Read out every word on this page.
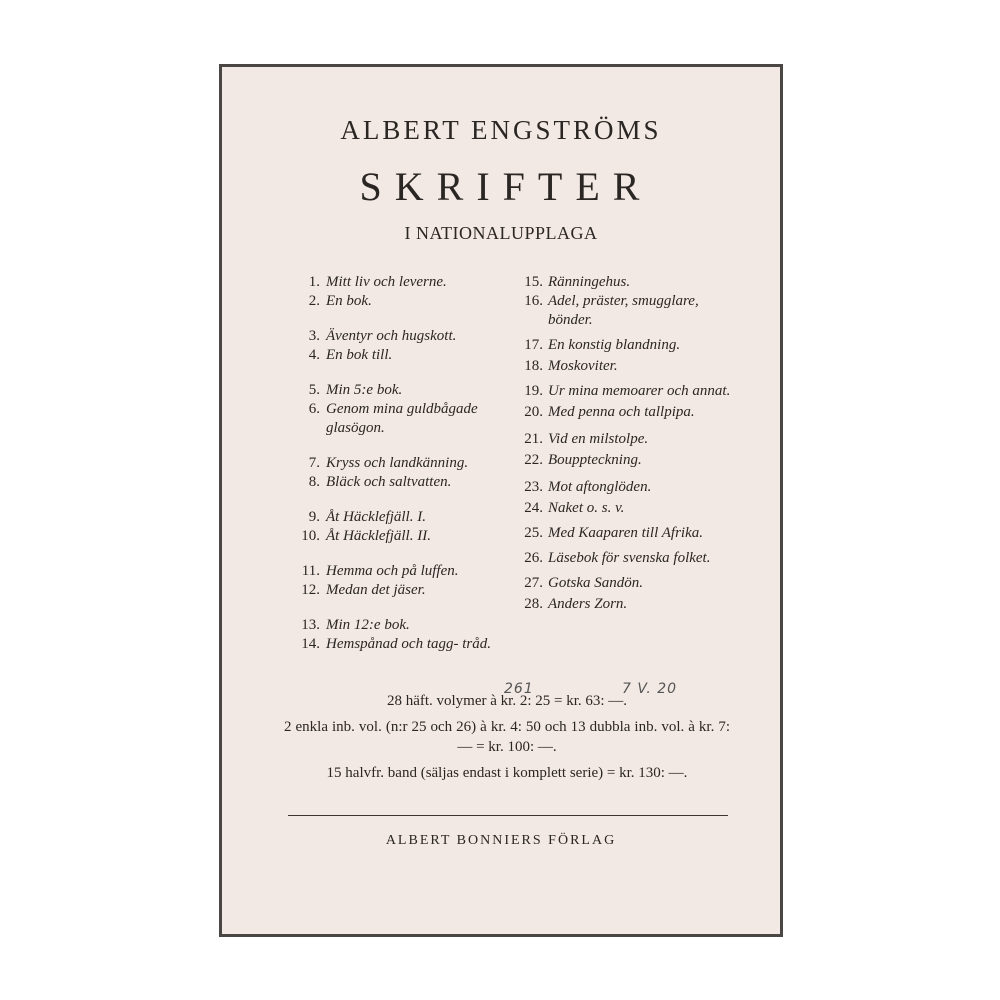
ALBERT ENGSTRÖMS
SKRIFTER
I NATIONALUPPLAGA
1. Mitt liv och leverne.
2. En bok.
3. Äventyr och hugskott.
4. En bok till.
5. Min 5:e bok.
6. Genom mina guldbågade glasögon.
7. Kryss och landkänning.
8. Bläck och saltvatten.
9. Åt Häcklefjäll. I.
10. Åt Häcklefjäll. II.
11. Hemma och på luffen.
12. Medan det jäser.
13. Min 12:e bok.
14. Hemspånad och tagg- tråd.
15. Ränningehus.
16. Adel, präster, smugglare, bönder.
17. En konstig blandning.
18. Moskoviter.
19. Ur mina memoarer och annat.
20. Med penna och tallpipa.
21. Vid en milstolpe.
22. Bouppteckning.
23. Mot aftonglöden.
24. Naket o. s. v.
25. Med Kaaparen till Afrika.
26. Läsebok för svenska folket.
27. Gotska Sandön.
28. Anders Zorn.
261	7 V. 20
28 häft. volymer à kr. 2: 25 = kr. 63: —.
2 enkla inb. vol. (n:r 25 och 26) à kr. 4: 50 och 13 dubbla inb. vol. à kr. 7: — = kr. 100: —.
15 halvfr. band (säljas endast i komplett serie) = kr. 130: —.
ALBERT BONNIERS FÖRLAG
